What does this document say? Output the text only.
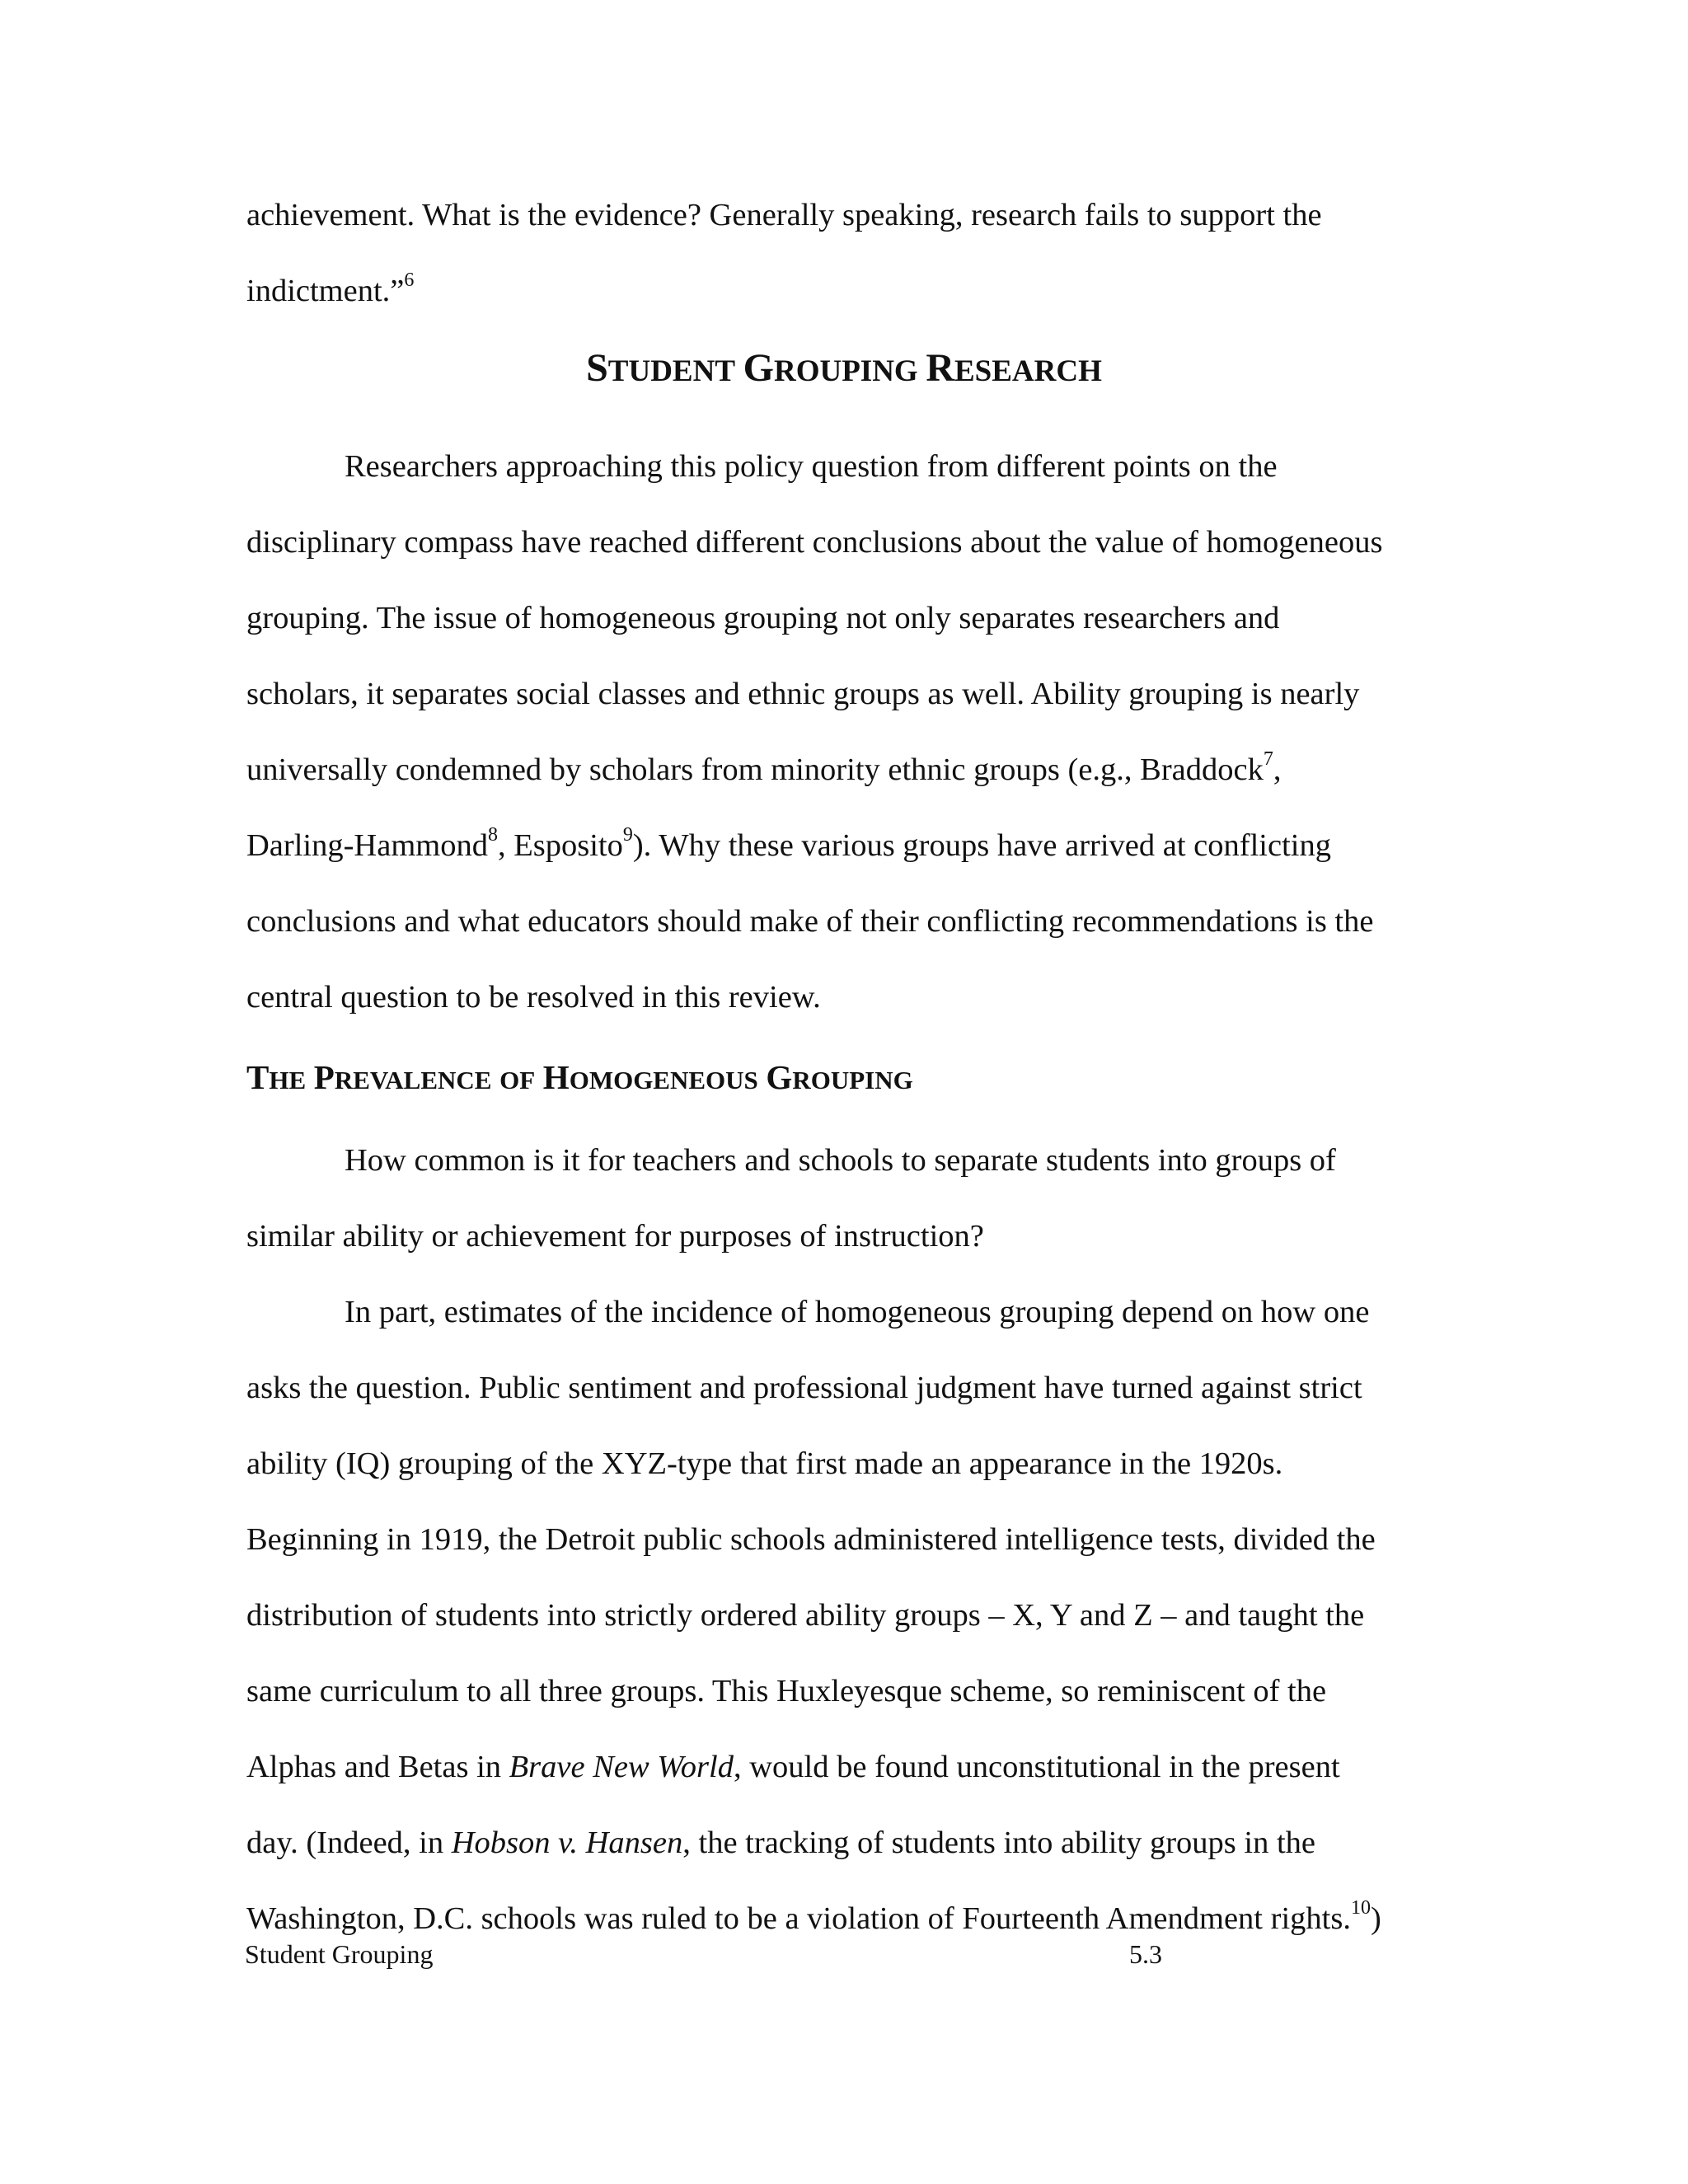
achievement. What is the evidence? Generally speaking, research fails to support the
indictment.”$^6$
STUDENT GROUPING RESEARCH
Researchers approaching this policy question from different points on the
disciplinary compass have reached different conclusions about the value of homogeneous
grouping. The issue of homogeneous grouping not only separates researchers and
scholars, it separates social classes and ethnic groups as well. Ability grouping is nearly
universally condemned by scholars from minority ethnic groups (e.g., Braddock$^7$,
Darling-Hammond$^8$, Esposito$^9$). Why these various groups have arrived at conflicting
conclusions and what educators should make of their conflicting recommendations is the
central question to be resolved in this review.
THE PREVALENCE OF HOMOGENEOUS GROUPING
How common is it for teachers and schools to separate students into groups of
similar ability or achievement for purposes of instruction?
In part, estimates of the incidence of homogeneous grouping depend on how one
asks the question. Public sentiment and professional judgment have turned against strict
ability (IQ) grouping of the XYZ-type that first made an appearance in the 1920s.
Beginning in 1919, the Detroit public schools administered intelligence tests, divided the
distribution of students into strictly ordered ability groups – X, Y and Z – and taught the
same curriculum to all three groups. This Huxleyesque scheme, so reminiscent of the
Alphas and Betas in Brave New World, would be found unconstitutional in the present
day. (Indeed, in Hobson v. Hansen, the tracking of students into ability groups in the
Washington, D.C. schools was ruled to be a violation of Fourteenth Amendment rights.$^{10}$)
Student Grouping	5.3
